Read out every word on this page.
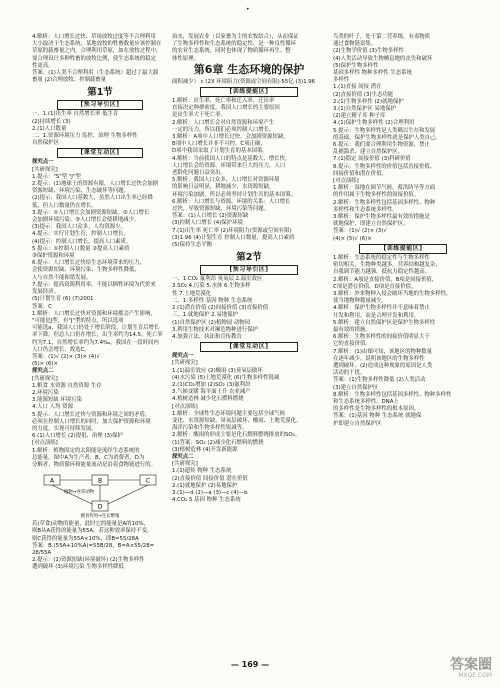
•
4.解析：人口增长过快、草场放牧过度等不合理利用
大小取决于生态系统，某地放牧的牲畜数量应该控制在
草原的载畜量之内，合理利用草原，如在放牧过程中，
要合理设计多种牲畜的放牧比例，使生态系统的稳定
性更高。
答案：(1)人类不合理利用（生态系统）超过了最大载
畜量 (2)合理放牧、控制载畜量
第1节
[预习导引区]
一、1.(1)出生率 自然增长率 低生育
(2)持续增长 (3)
2.(1)人口数量
二、1.资源环境压力 监控、治理 生物多样性
自然保护区
[课堂互动区]
探究点一
[共研探究]
1.提示："S"型 "J"型
2.提示：(1)地球上的资源有限，人口增长过快会加剧
资源短缺、环境污染、生态破坏等问题。
(2)提示：我国人口基数大，虽然人口出生率已经降
低，但人口数量仍在增长。
3.提示：①人口增长会加剧资源短缺。②人口增长
会加剧环境污染。③人口增长会使耕地减少。
(3)提示：我国人口众多，人均资源少。
4.提示：实行计划生育，控制人口增长。
(4)提示：控制人口增长，提高人口素质。
5.提示：①控制人口数量 ②提高人口素质
③保护资源和环境
6.提示：人口增长过快给生态环境带来的压力，
会使资源短缺、环境污染、生物多样性降低，
人与自然不能和谐发展。
7.提示：提高资源利用率，不能以牺牲环境为代价来
发展经济。
(5)计划生育 (6) (7)2001
答案：C
1.解析：人口增长过快对资源和环境都会产生影响，
"可能是J型，有"J"型的特点，所以选项
可能选a，我国人口仍处于增长阶段，计划生育后增长
率下降，但总人口仍在增长，出生率约为14.5，死亡率
约为7.1，自然增长率约为7.4‰，我国在一段时间内
人口仍会增长，故选C。
答案：(1)√ (2)× (3)× (4)√
(5)× (6)×
探究点二
[共研探究]
1.粮食 水资源 自然资源 生存
2.环境污染
3.能源短缺 环境污染
4.人口 人均 资源
5.提示：人口增长过快与资源和环境之间的矛盾，
必须在控制人口增长的同时，加大保护资源和环境
的力度，实现可持续发展。
6.(1)人口增长 (2)提倡、治理 (3)保护
[对点演练]
1.解析：植物固定的太阳能是流经生态系统的
总能量，图中A为生产者，B、C为消费者，D为
分解者，物质循环和能量流动是沿着食物链进行的。
A	B	C
D
植物→食草动物
摄食作用→生长繁殖
若(草食)动物的能量，此时它的能量是A的10%，
则B从A获得的能量为55A，若这种效率保持不变，
则C获得的能量为55A×10%，即B=55/28A
答案：B.(55A+10%A)=55B/28，B=A×55/28=
28/55A
2.提示：(1)资源短缺(环境破坏) (2)生物多样性
遭到破坏 (3)环境污染 生物多样性降低
治水，发展农业（以家畜为主的农牧结合），从而保证
了生物多样性和生态系统的稳定性，是一种良性循环
的农业生态系统，同时也体现了物质循环再生、整
体性原理。
第6章 生态环境的保护
面积减少） c (2)I 环境阻力(资源或空间有限) 55亿 (3)1.96
[训练提能区]
1.解析：出生率、死亡率和迁入率、迁出率
直接决定种群密度，我国人口增长的主要原因
是出生率大于死亡率。
2.解析：人口增长会对自然资源和环境产生
一定的压力，所以我们必须控制人口增长。
3.解析：A项中人口增长过快，会加剧资源短缺，
B项中人口增长并非不可控，C项正确，
D项中我国采取了计划生育的基本国策。
4.解析：当前我国人口的特点是基数大、增长快，
人口增长会给资源、环境带来巨大的压力，人口
老龄化问题日益突出。
5.解析：我国人口众多，人口增长对资源环境
的影响日益明显，耕地减少，水资源短缺，
环境污染加剧，所以必须坚持计划生育的基本国策。
6.解析：人口增长与资源、环境的关系：人口增长
过快，导致资源短缺、环境污染等问题。
答案：(1)人口增长 (2)资源短缺
(3)控制人口增长 (4)保护环境
7.(1)出生率 死亡率 (2)环境阻力(资源或空间有限)
(3)1.96 (4)计划生育 控制人口数量，提高人口素质
(5)保持生态平衡
第2节
[预习导引区]
一、1.CO₂ 氟利昂 臭氧层 2.温室效应
3.SO₂ 4.污染 5.水体 6.生物多样
性 7.土地荒漠化
二、1.多样性 基因 物种 生态系统
2.(1)潜在价值 (2)间接价值 (3)直接价值
三、1.就地保护 2.易地保护
(1)自然保护区 (2)植物园 动物园
3.利用生物技术对濒危物种进行保护
4.加强立法、执法和宣传教育
[课堂互动区]
探究点一
[共研探究]
1.(1)温室效应 (2)酸雨 (3)臭氧层破坏
(4)水污染 (5)土地荒漠化 (6)生物多样性锐减
2.(1)CO₂增加 (2)SO₂ (3)氟利昂
3.气候变暖 海平面上升 农业减产
4.植树造林 减少化石燃料燃烧
[对点演练]
1.解析：全球性生态环境问题主要包括全球气候
变化、水资源短缺、臭氧层破坏、酸雨、土地荒漠化、
海洋污染和生物多样性锐减等。
2.解析：酸雨的形成主要是化石燃料燃烧排放的SO₂。
(1)答案：SO₂ (2)减少化石燃料的燃烧
(3)植树造林 (4)开发新能源
探究点二
[共研探究]
1.(1)遗传 物种 生态系统
(2)直接价值 间接价值 潜在价值
2.(1)就地保护 (2)易地保护
3.(1)—d (2)—a (3)—c (4)—b
4.CO₂ 5.基因 物种 生态系统
鸟类的叶子，处于第二营养级，有毒物质
通过食物链富集。
(2)生物学价值 (3)生物多样性
(4)人类活动导致生物栖息地的丧失和破坏
(5)保护生物多样性
基因多样性 物种多样性 生态系统
多样性
1.(1)直接 间接 潜在
(2)直接价值 (3)生态功能
2.(1)生物多样性 (2)就地保护
3.(1)自然保护区 易地保护
(2)建立精子库 种子库
4.(1)保护生物多样性 (2)合理利用
5.提示：生物多样性是人类赖以生存和发展
的基础，保护生物多样性就是保护人类自己。
6.提示：我们要合理利用生物资源，禁止
乱捕滥杀，建立自然保护区。
7.(1)稳定 间接价值 (3)科研价值
8.提示：生物多样性的价值包括直接价值、
间接价值和潜在价值。
[对点演练]
1.解析：湿地在调节气候、蓄洪防旱等方面
的作用属于生物多样性的间接价值。
2.解析：生物多样性包括基因多样性、物种
多样性和生态系统多样性。
3.解析：保护生物多样性最有效的措施是
就地保护，即建立自然保护区。
答案：(1)√ (2)× (3)√
(4)× (5)√ (6)×
[训练提能区]
1.解析：生态系统的稳定性与生物多样性
密切相关，生物种类越多，营养结构越复杂，
自我调节能力越强，抵抗力稳定性越高。
2.解析：A项是直接价值，B项是间接价值，
C项是潜在价值，D项是直接价值。
3.解析：外来物种入侵会破坏当地的生物多样性，
使当地物种数量减少。
4.解析：保护生物多样性并不意味着禁止
开发和利用，而是合理开发和利用。
5.解析：建立自然保护区是保护生物多样性
最有效的措施。
6.解析：生物多样性的间接价值明显大于
它的直接价值。
7.解析：(1)由图可知，该地区的物种数量
在逐年减少，说明该地区的生物多样性
遭到破坏。(2)造成这种现象的原因是人类
活动的干扰。
答案：(1)生物多样性降低 (2)人类活动
(3)建立自然保护区
8.解析：生物多样性包括基因多样性、物种多样性
和生态系统多样性，DNA上
的多样性是生物多样性的根本原因。
答案：(1)基因 物种 生态系统 就地保
护即建立自然保护区
— 169 —	答案圈
MXQE.COM
